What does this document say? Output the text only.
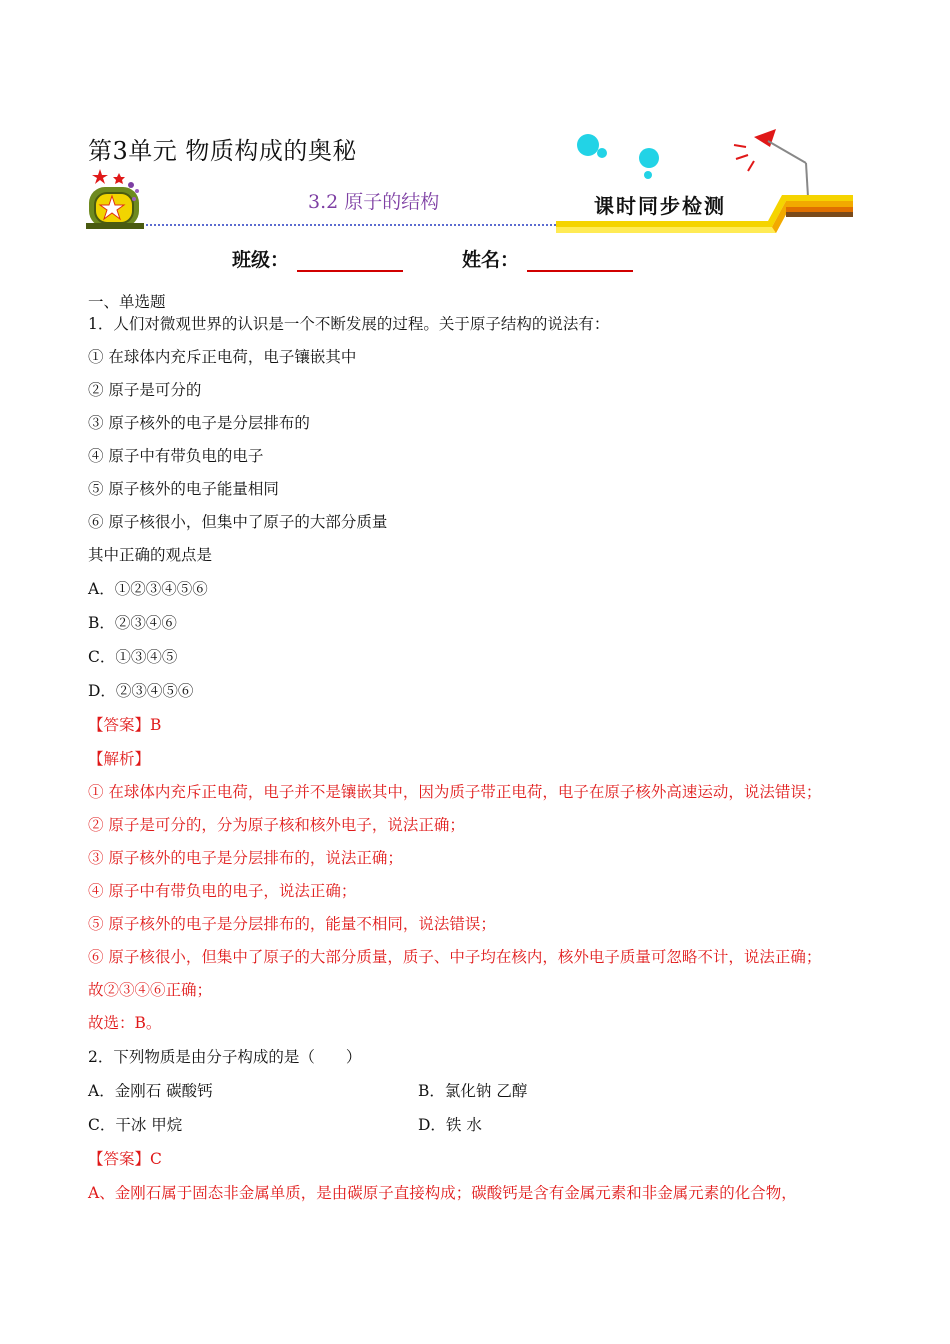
第3单元 物质构成的奥秘
3.2 原子的结构	课时同步检测
班级：	姓名：
一、单选题
1．人们对微观世界的认识是一个不断发展的过程。关于原子结构的说法有：
① 在球体内充斥正电荷，电子镶嵌其中
② 原子是可分的
③ 原子核外的电子是分层排布的
④ 原子中有带负电的电子
⑤ 原子核外的电子能量相同
⑥ 原子核很小，但集中了原子的大部分质量
其中正确的观点是
A．①②③④⑤⑥
B．②③④⑥
C．①③④⑤
D．②③④⑤⑥
【答案】B
【解析】
① 在球体内充斥正电荷，电子并不是镶嵌其中，因为质子带正电荷，电子在原子核外高速运动，说法错误；
② 原子是可分的，分为原子核和核外电子，说法正确；
③ 原子核外的电子是分层排布的，说法正确；
④ 原子中有带负电的电子，说法正确；
⑤ 原子核外的电子是分层排布的，能量不相同，说法错误；
⑥ 原子核很小，但集中了原子的大部分质量，质子、中子均在核内，核外电子质量可忽略不计，说法正确；
故②③④⑥正确；
故选：B。
2．下列物质是由分子构成的是（　　）
A．金刚石 碳酸钙	B．氯化钠 乙醇
C．干冰 甲烷	D．铁 水
【答案】C
A、金刚石属于固态非金属单质，是由碳原子直接构成；碳酸钙是含有金属元素和非金属元素的化合物，
